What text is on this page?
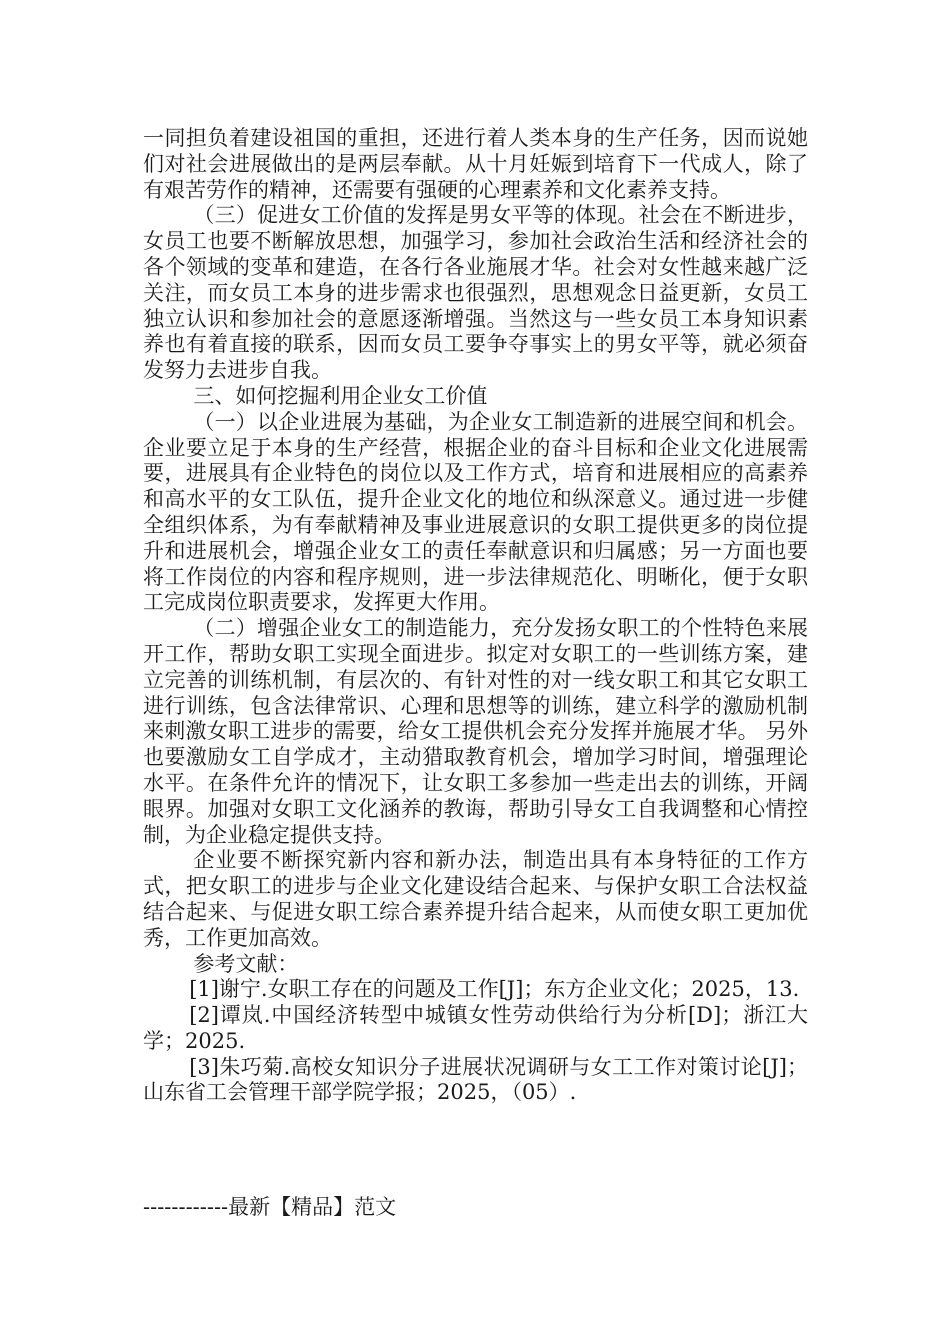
一同担负着建设祖国的重担，还进行着人类本身的生产任务，因而说她们对社会进展做出的是两层奉献。从十月妊娠到培育下一代成人，除了有艰苦劳作的精神，还需要有强硬的心理素养和文化素养支持。

（三）促进女工价值的发挥是男女平等的体现。社会在不断进步，女员工也要不断解放思想，加强学习，参加社会政治生活和经济社会的各个领域的变革和建造，在各行各业施展才华。社会对女性越来越广泛关注，而女员工本身的进步需求也很强烈，思想观念日益更新，女员工独立认识和参加社会的意愿逐渐增强。当然这与一些女员工本身知识素养也有着直接的联系，因而女员工要争夺事实上的男女平等，就必须奋发努力去进步自我。

三、如何挖掘利用企业女工价值

（一）以企业进展为基础，为企业女工制造新的进展空间和机会。企业要立足于本身的生产经营，根据企业的奋斗目标和企业文化进展需要，进展具有企业特色的岗位以及工作方式，培育和进展相应的高素养和高水平的女工队伍，提升企业文化的地位和纵深意义。通过进一步健全组织体系，为有奉献精神及事业进展意识的女职工提供更多的岗位提升和进展机会，增强企业女工的责任奉献意识和归属感；另一方面也要将工作岗位的内容和程序规则，进一步法律规范化、明晰化，便于女职工完成岗位职责要求，发挥更大作用。

（二）增强企业女工的制造能力，充分发扬女职工的个性特色来展开工作，帮助女职工实现全面进步。拟定对女职工的一些训练方案，建立完善的训练机制，有层次的、有针对性的对一线女职工和其它女职工进行训练，包含法律常识、心理和思想等的训练，建立科学的激励机制来刺激女职工进步的需要，给女工提供机会充分发挥并施展才华。 另外也要激励女工自学成才，主动猎取教育机会，增加学习时间，增强理论水平。在条件允许的情况下，让女职工多参加一些走出去的训练，开阔眼界。加强对女职工文化涵养的教诲，帮助引导女工自我调整和心情控制，为企业稳定提供支持。

企业要不断探究新内容和新办法，制造出具有本身特征的工作方式，把女职工的进步与企业文化建设结合起来、与保护女职工合法权益结合起来、与促进女职工综合素养提升结合起来，从而使女职工更加优秀，工作更加高效。

参考文献：

[1]谢宁.女职工存在的问题及工作[J]；东方企业文化；2025，13.

[2]谭岚.中国经济转型中城镇女性劳动供给行为分析[D]；浙江大学；2025.

[3]朱巧菊.高校女知识分子进展状况调研与女工工作对策讨论[J]；山东省工会管理干部学院学报；2025，（05）.

------------最新【精品】范文
